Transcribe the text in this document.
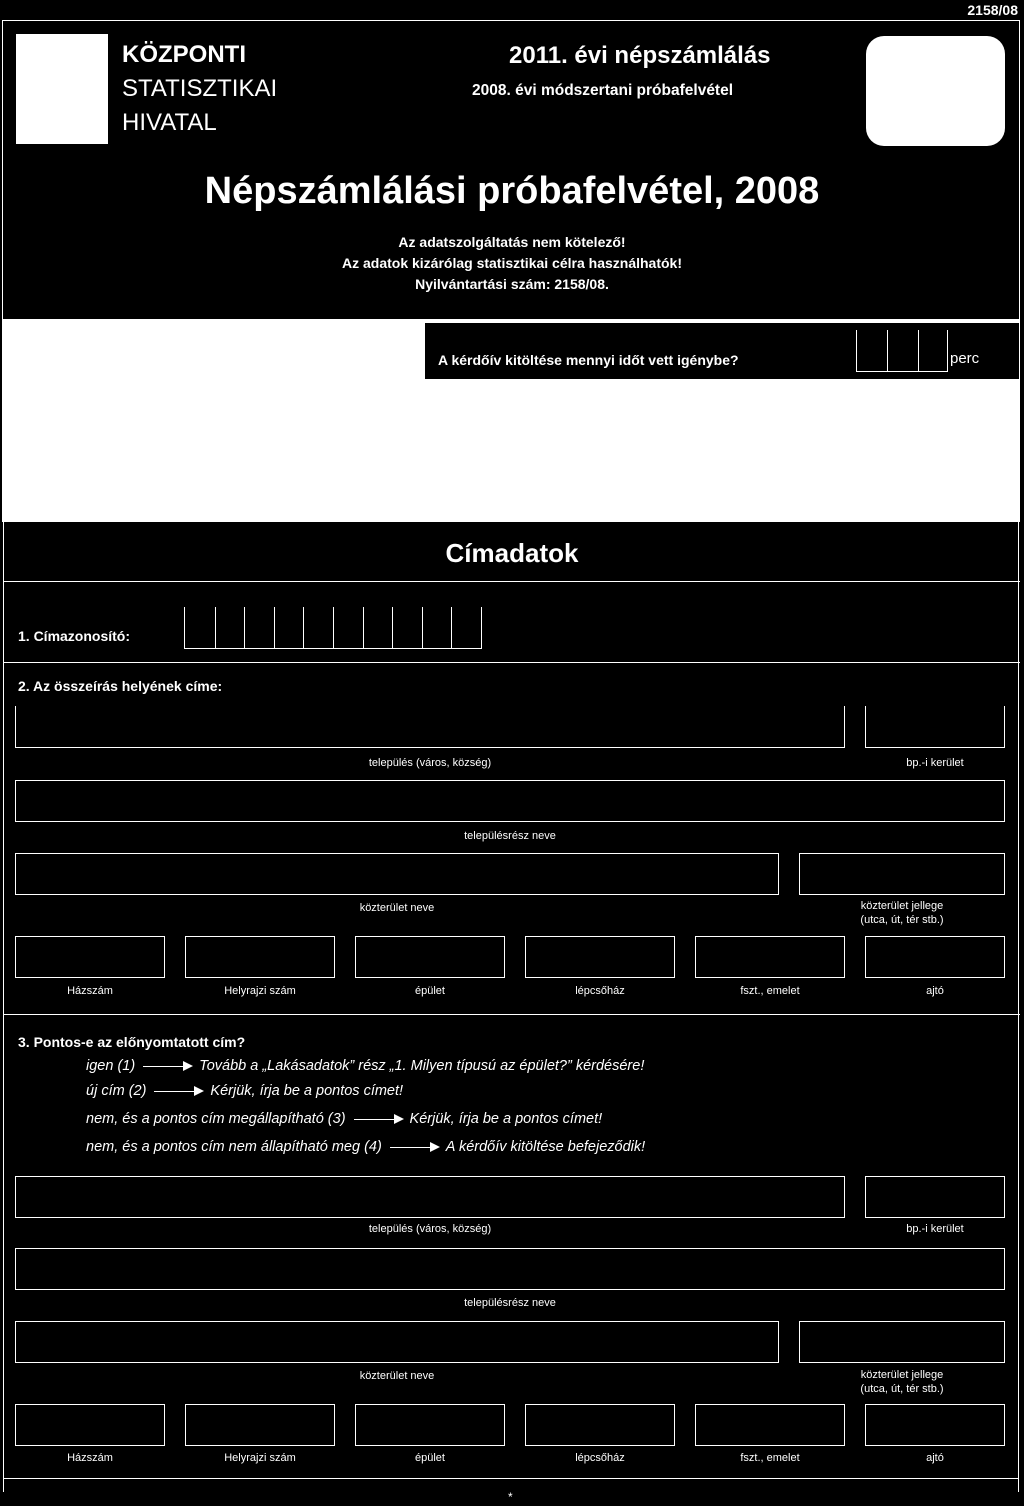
2158/08
KÖZPONTI
STATISZTIKAI
HIVATAL
2011. évi népszámlálás
2008. évi módszertani próbafelvétel
Népszámlálási próbafelvétel, 2008
Az adatszolgáltatás nem kötelező!
Az adatok kizárólag statisztikai célra használhatók!
Nyilvántartási szám: 2158/08.
A kérdőív kitöltése mennyi időt vett igénybe?	perc
Címadatok
1. Címazonosító:
2. Az összeírás helyének címe:
település (város, község)	bp.-i kerület
településrész neve
közterület neve	közterület jellege
(utca, út, tér stb.)
Házszám	Helyrajzi szám	épület	lépcsőház	fszt., emelet	ajtó
3. Pontos-e az előnyomtatott cím?
igen (1)	Tovább a „Lakásadatok” rész „1. Milyen típusú az épület?” kérdésére!
új cím (2)	Kérjük, írja be a pontos címet!
nem, és a pontos cím megállapítható (3)	Kérjük, írja be a pontos címet!
nem, és a pontos cím nem állapítható meg (4)	A kérdőív kitöltése befejeződik!
település (város, község)	bp.-i kerület
településrész neve
közterület neve	közterület jellege
(utca, út, tér stb.)
Házszám	Helyrajzi szám	épület	lépcsőház	fszt., emelet	ajtó
*
